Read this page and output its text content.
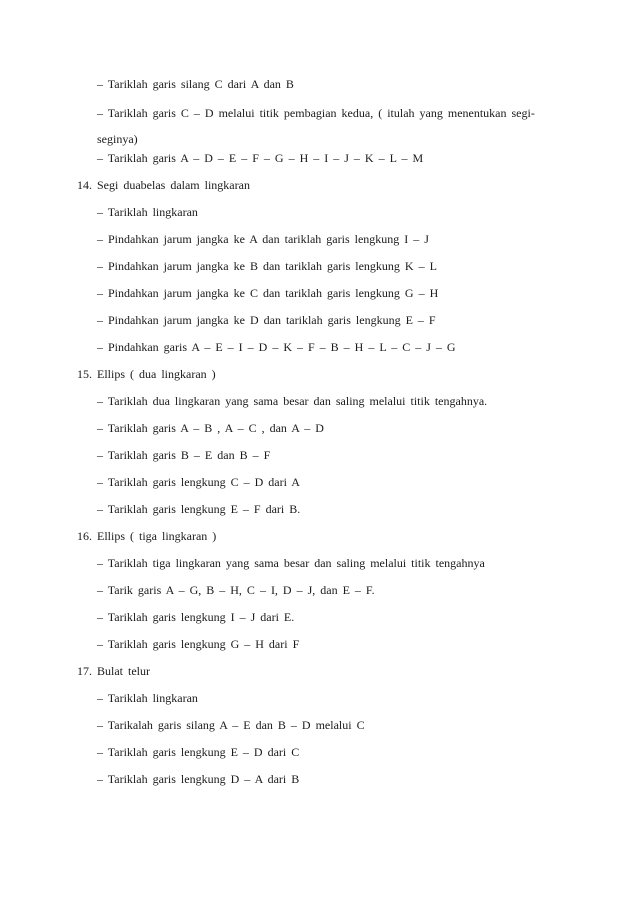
– Tariklah garis silang C dari A dan B
– Tariklah garis C – D melalui titik pembagian kedua, ( itulah yang menentukan segi-seginya)
– Tariklah garis A – D – E – F – G – H – I – J – K – L – M
14. Segi duabelas dalam lingkaran
– Tariklah lingkaran
– Pindahkan jarum jangka ke A dan tariklah garis lengkung I – J
– Pindahkan jarum jangka ke B dan tariklah garis lengkung K – L
– Pindahkan jarum jangka ke C dan tariklah garis lengkung G – H
– Pindahkan jarum jangka ke D dan tariklah garis lengkung E – F
– Pindahkan garis A – E – I – D – K – F – B – H – L – C – J – G
15. Ellips ( dua lingkaran )
– Tariklah dua lingkaran yang sama besar dan saling melalui titik tengahnya.
– Tariklah garis A – B , A – C , dan A – D
– Tariklah garis B – E dan B – F
– Tariklah garis lengkung C – D dari A
– Tariklah garis lengkung E – F dari B.
16. Ellips ( tiga lingkaran )
– Tariklah tiga lingkaran yang sama besar dan saling melalui titik tengahnya
– Tarik garis A – G, B – H, C – I, D – J, dan E – F.
– Tariklah garis lengkung I – J dari E.
– Tariklah garis lengkung G – H dari F
17. Bulat telur
– Tariklah lingkaran
– Tarikalah garis silang A – E dan B – D melalui C
– Tariklah garis lengkung E – D dari C
– Tariklah garis lengkung D – A dari B
